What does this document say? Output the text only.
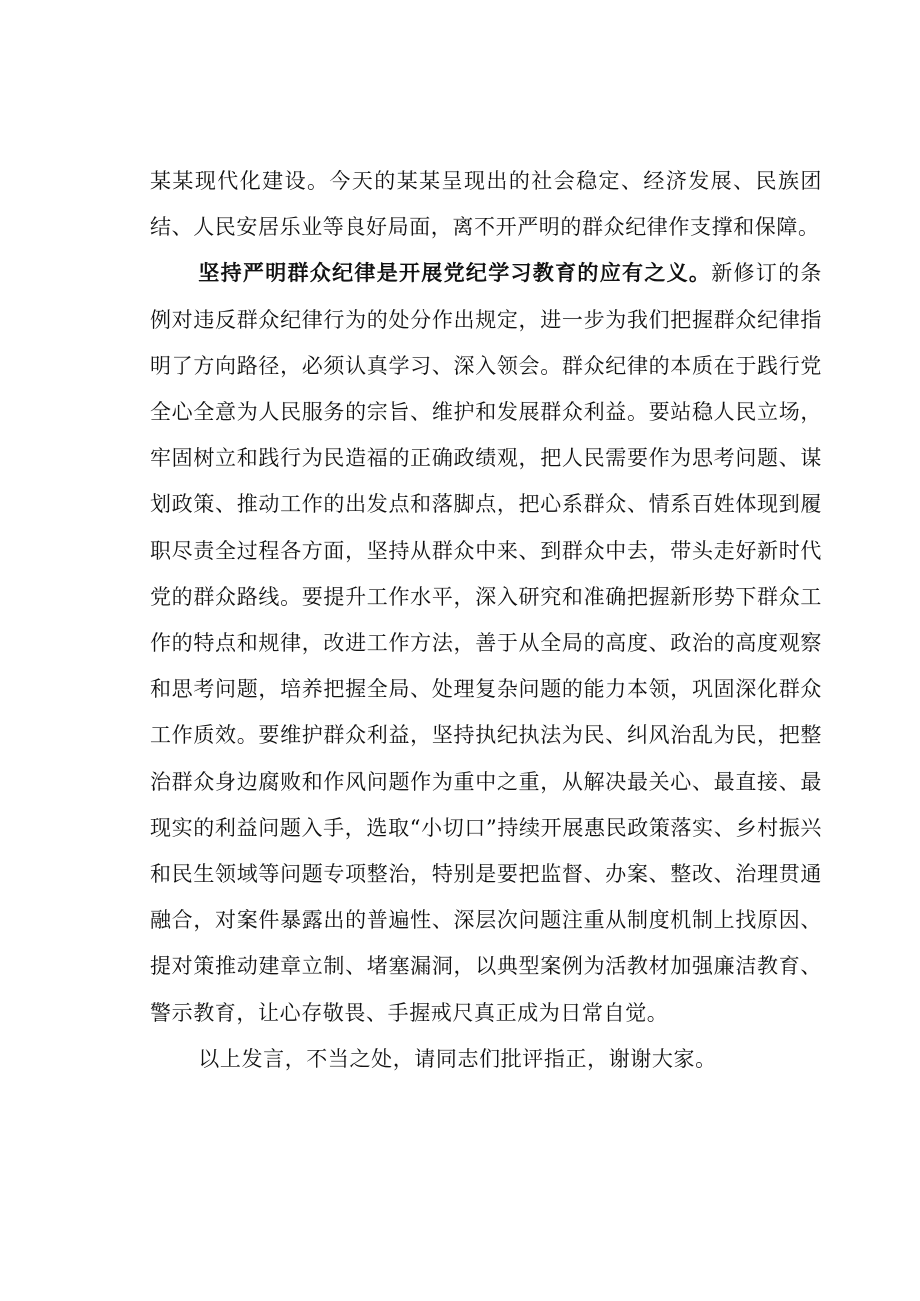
某某现代化建设。今天的某某呈现出的社会稳定、经济发展、民族团结、人民安居乐业等良好局面，离不开严明的群众纪律作支撑和保障。

坚持严明群众纪律是开展党纪学习教育的应有之义。新修订的条例对违反群众纪律行为的处分作出规定，进一步为我们把握群众纪律指明了方向路径，必须认真学习、深入领会。群众纪律的本质在于践行党全心全意为人民服务的宗旨、维护和发展群众利益。要站稳人民立场，牢固树立和践行为民造福的正确政绩观，把人民需要作为思考问题、谋划政策、推动工作的出发点和落脚点，把心系群众、情系百姓体现到履职尽责全过程各方面，坚持从群众中来、到群众中去，带头走好新时代党的群众路线。要提升工作水平，深入研究和准确把握新形势下群众工作的特点和规律，改进工作方法，善于从全局的高度、政治的高度观察和思考问题，培养把握全局、处理复杂问题的能力本领，巩固深化群众工作质效。要维护群众利益，坚持执纪执法为民、纠风治乱为民，把整治群众身边腐败和作风问题作为重中之重，从解决最关心、最直接、最现实的利益问题入手，选取“小切口”持续开展惠民政策落实、乡村振兴和民生领域等问题专项整治，特别是要把监督、办案、整改、治理贯通融合，对案件暴露出的普遍性、深层次问题注重从制度机制上找原因、提对策推动建章立制、堵塞漏洞，以典型案例为活教材加强廉洁教育、警示教育，让心存敬畏、手握戒尺真正成为日常自觉。

以上发言，不当之处，请同志们批评指正，谢谢大家。
